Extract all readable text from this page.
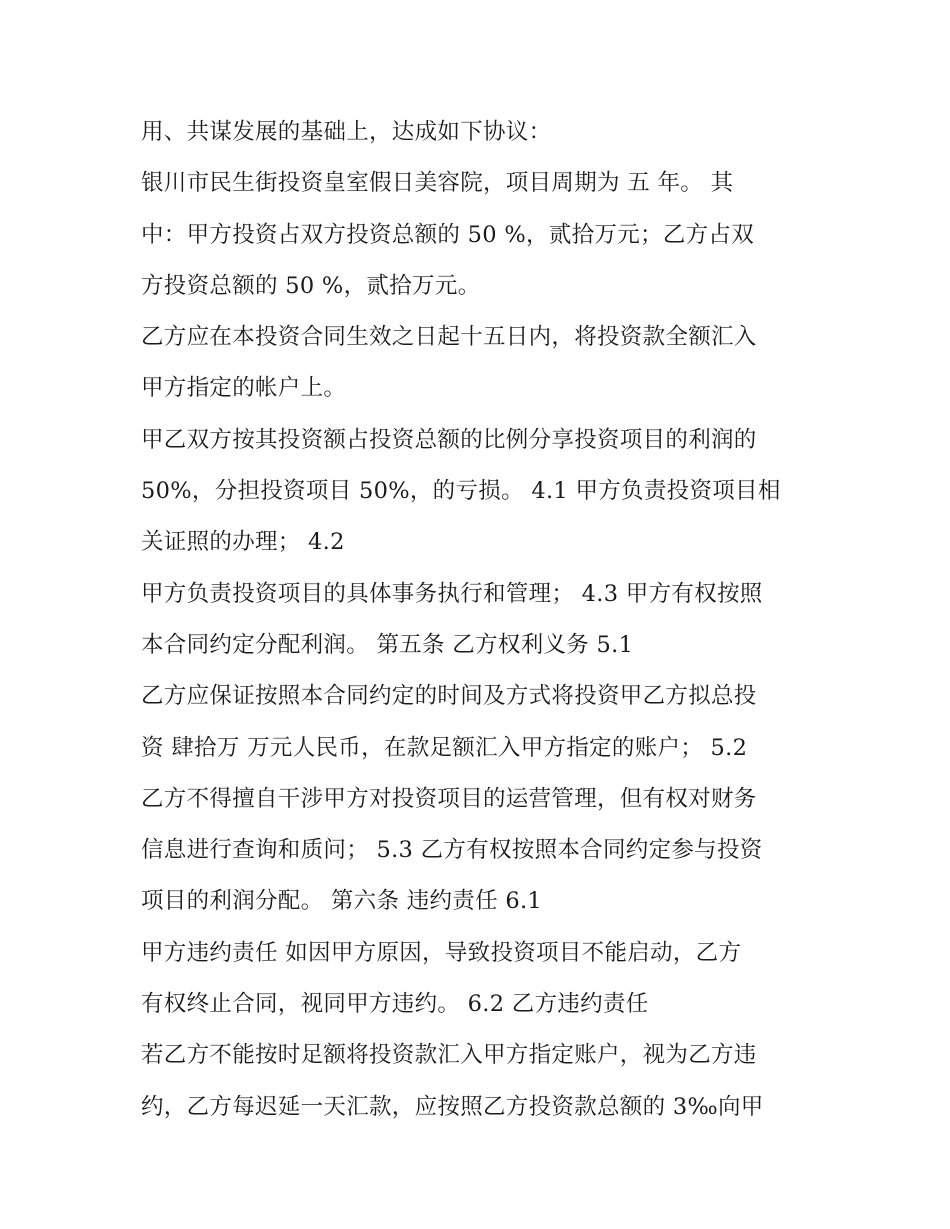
用、共谋发展的基础上，达成如下协议：
银川市民生街投资皇室假日美容院，项目周期为 五 年。 其
中：甲方投资占双方投资总额的 50 %，贰拾万元；乙方占双
方投资总额的 50 %，贰拾万元。
乙方应在本投资合同生效之日起十五日内，将投资款全额汇入
甲方指定的帐户上。
甲乙双方按其投资额占投资总额的比例分享投资项目的利润的
50%，分担投资项目 50%，的亏损。 4.1 甲方负责投资项目相
关证照的办理； 4.2
甲方负责投资项目的具体事务执行和管理； 4.3 甲方有权按照
本合同约定分配利润。 第五条 乙方权利义务 5.1
乙方应保证按照本合同约定的时间及方式将投资甲乙方拟总投
资 肆拾万 万元人民币，在款足额汇入甲方指定的账户； 5.2
乙方不得擅自干涉甲方对投资项目的运营管理，但有权对财务
信息进行查询和质问； 5.3 乙方有权按照本合同约定参与投资
项目的利润分配。 第六条 违约责任 6.1
甲方违约责任 如因甲方原因，导致投资项目不能启动，乙方
有权终止合同，视同甲方违约。 6.2 乙方违约责任
若乙方不能按时足额将投资款汇入甲方指定账户，视为乙方违
约，乙方每迟延一天汇款，应按照乙方投资款总额的 3‰向甲
